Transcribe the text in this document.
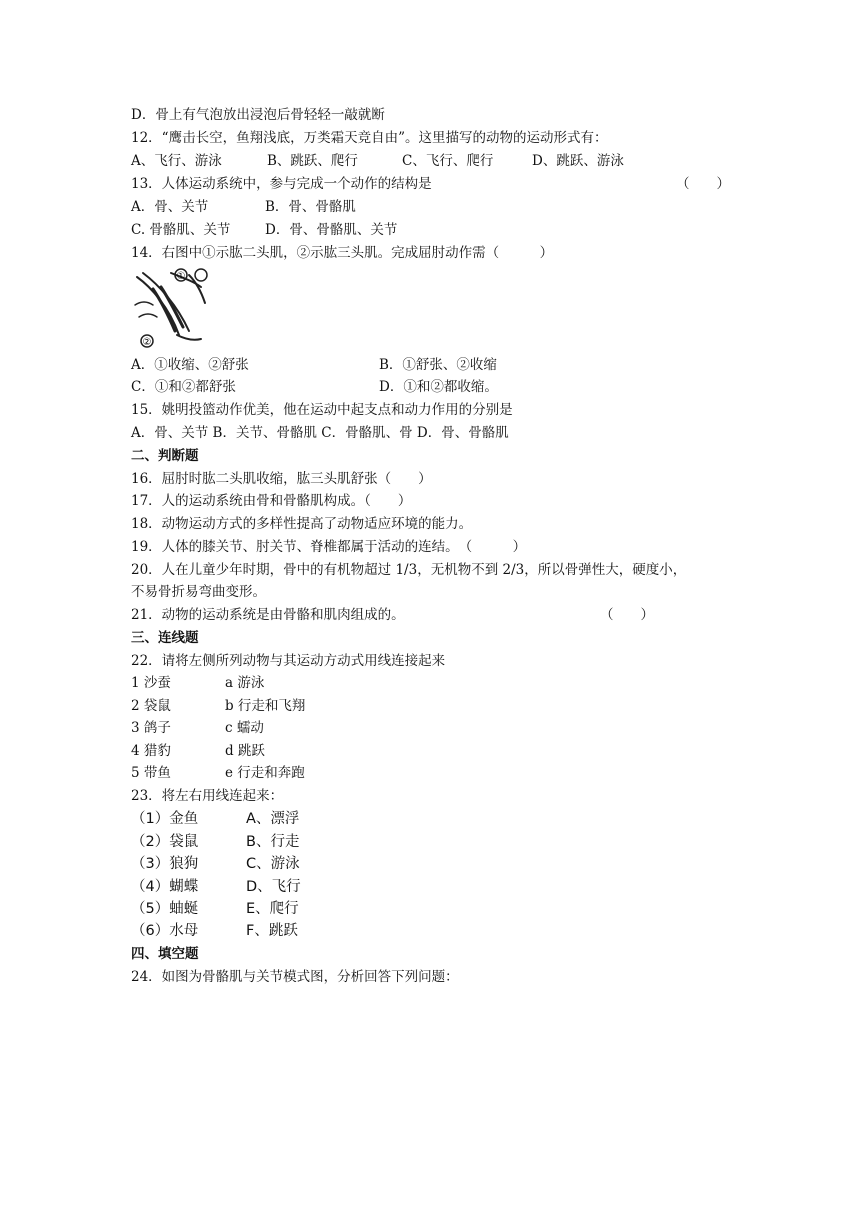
D．骨上有气泡放出浸泡后骨轻轻一敲就断
12．“鹰击长空，鱼翔浅底，万类霜天竞自由”。这里描写的动物的运动形式有：
A、飞行、游泳	B、跳跃、爬行	C、飞行、爬行	D、跳跃、游泳
13．人体运动系统中，参与完成一个动作的结构是	（　　）
A．骨、关节	B．骨、骨骼肌
C. 骨骼肌、关节	D．骨、骨骼肌、关节
14．右图中①示肱二头肌，②示肱三头肌。完成屈肘动作需（　　　）
①
②
A．①收缩、②舒张	B．①舒张、②收缩
C．①和②都舒张	D．①和②都收缩。
15．姚明投篮动作优美，他在运动中起支点和动力作用的分别是
A．骨、关节 B．关节、骨骼肌 C．骨骼肌、骨 D．骨、骨骼肌
二、判断题
16．屈肘时肱二头肌收缩，肱三头肌舒张（　　）
17．人的运动系统由骨和骨骼肌构成。（　　）
18．动物运动方式的多样性提高了动物适应环境的能力。
19．人体的膝关节、肘关节、脊椎都属于活动的连结。　（　　　）
20．人在儿童少年时期，骨中的有机物超过 1/3，无机物不到 2/3，所以骨弹性大，硬度小，
不易骨折易弯曲变形。
21．动物的运动系统是由骨骼和肌肉组成的。	（　　）
三、连线题
22．请将左侧所列动物与其运动方动式用线连接起来
1 沙蚕	a 游泳
2 袋鼠	b 行走和飞翔
3 鸽子	c 蠕动
4 猎豹	d 跳跃
5 带鱼	e 行走和奔跑
23．将左右用线连起来：
（1）金鱼	A、漂浮
（2）袋鼠	B、行走
（3）狼狗	C、游泳
（4）蝴蝶	D、飞行
（5）蚰蜒	E、爬行
（6）水母	F、跳跃
四、填空题
24．如图为骨骼肌与关节模式图，分析回答下列问题：
